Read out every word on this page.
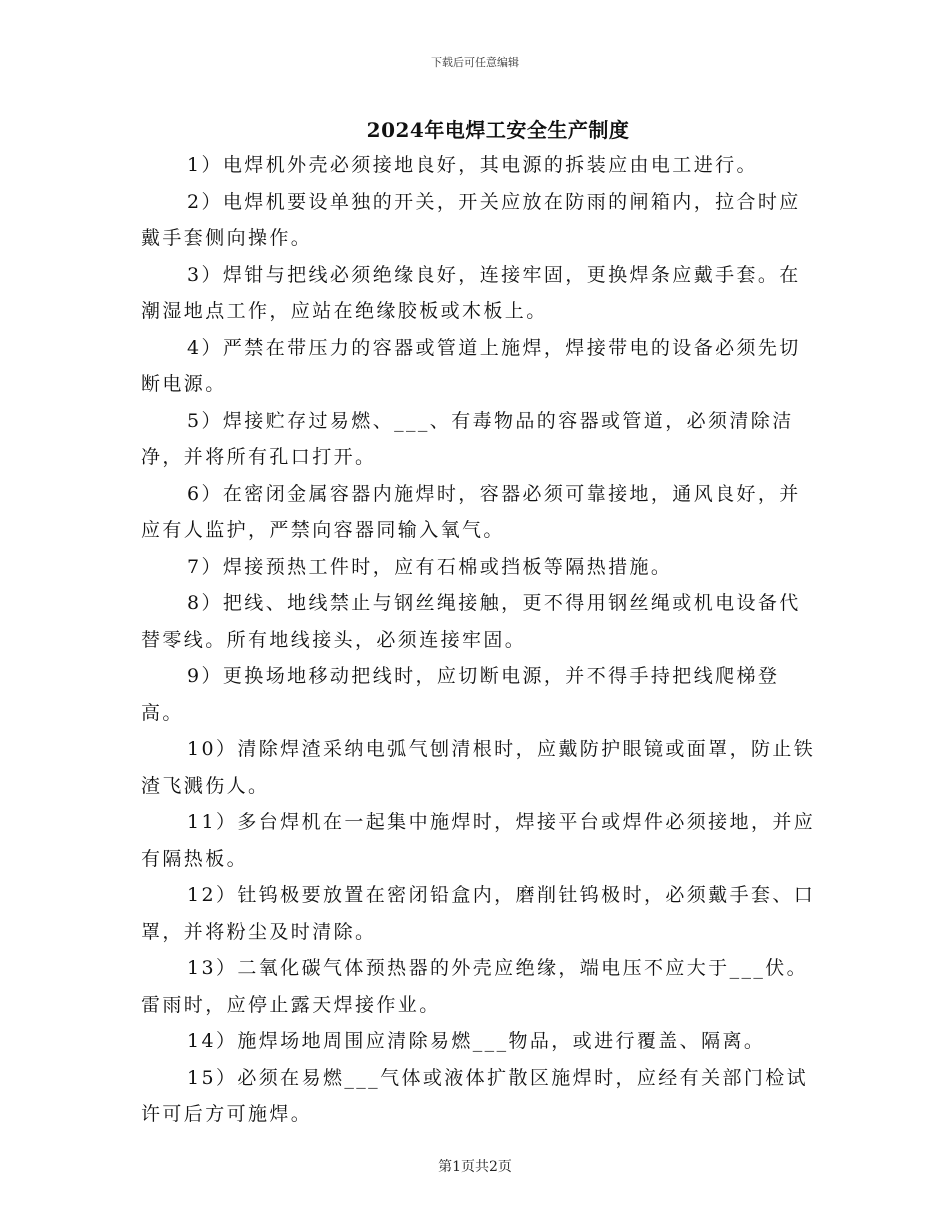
下载后可任意编辑
2024年电焊工安全生产制度

1）电焊机外壳必须接地良好，其电源的拆装应由电工进行。

2）电焊机要设单独的开关，开关应放在防雨的闸箱内，拉合时应戴手套侧向操作。

3）焊钳与把线必须绝缘良好，连接牢固，更换焊条应戴手套。在潮湿地点工作，应站在绝缘胶板或木板上。

4）严禁在带压力的容器或管道上施焊，焊接带电的设备必须先切断电源。

5）焊接贮存过易燃、___、有毒物品的容器或管道，必须清除洁净，并将所有孔口打开。

6）在密闭金属容器内施焊时，容器必须可靠接地，通风良好，并应有人监护，严禁向容器同输入氧气。

7）焊接预热工件时，应有石棉或挡板等隔热措施。

8）把线、地线禁止与钢丝绳接触，更不得用钢丝绳或机电设备代替零线。所有地线接头，必须连接牢固。

9）更换场地移动把线时，应切断电源，并不得手持把线爬梯登高。

10）清除焊渣采纳电弧气刨清根时，应戴防护眼镜或面罩，防止铁渣飞溅伤人。

11）多台焊机在一起集中施焊时，焊接平台或焊件必须接地，并应有隔热板。

12）钍钨极要放置在密闭铅盒内，磨削钍钨极时，必须戴手套、口罩，并将粉尘及时清除。

13）二氧化碳气体预热器的外壳应绝缘，端电压不应大于___伏。雷雨时，应停止露天焊接作业。

14）施焊场地周围应清除易燃___物品，或进行覆盖、隔离。

15）必须在易燃___气体或液体扩散区施焊时，应经有关部门检试许可后方可施焊。

第1页共2页
